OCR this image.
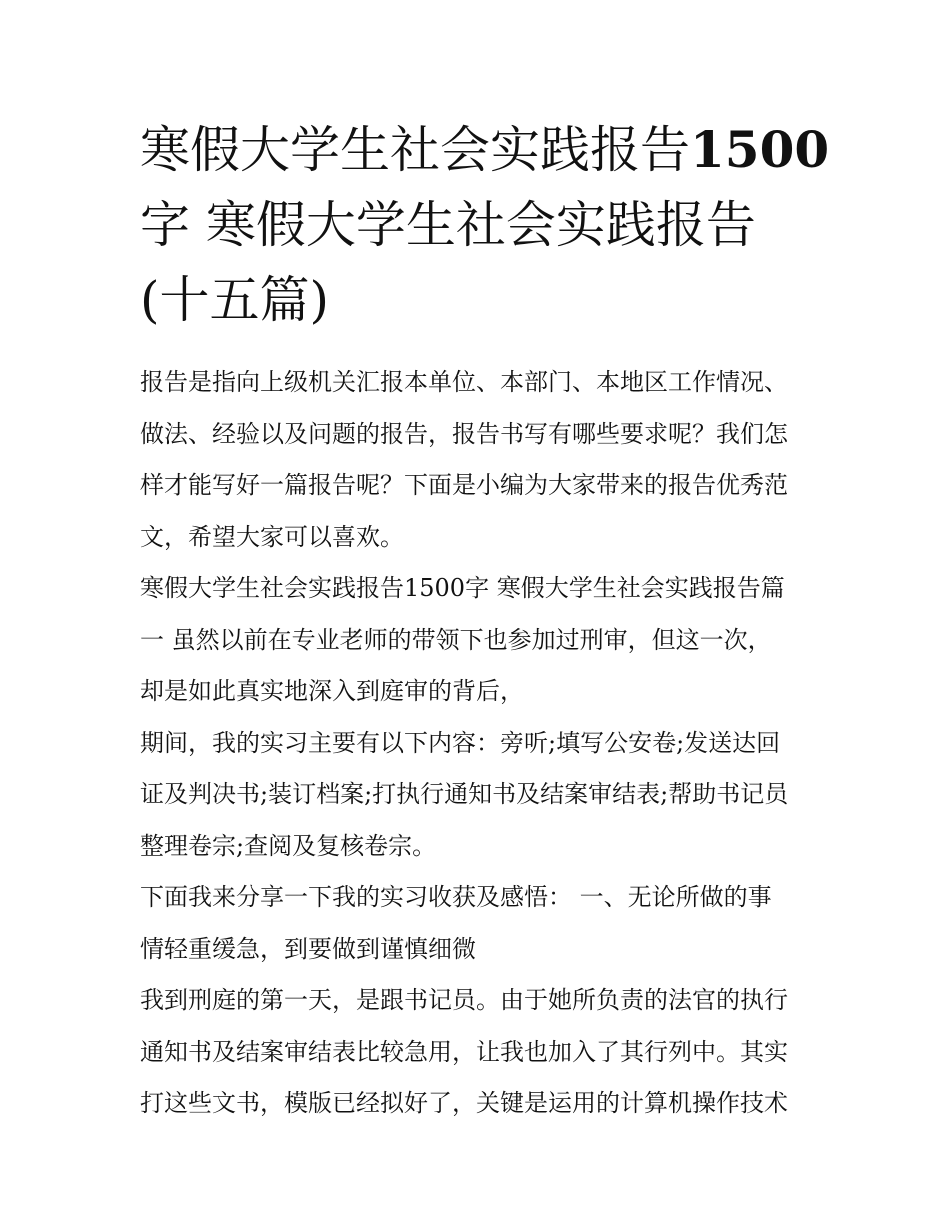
寒假大学生社会实践报告1500
字 寒假大学生社会实践报告
(十五篇)
报告是指向上级机关汇报本单位、本部门、本地区工作情况、
做法、经验以及问题的报告，报告书写有哪些要求呢？我们怎
样才能写好一篇报告呢？下面是小编为大家带来的报告优秀范
文，希望大家可以喜欢。
寒假大学生社会实践报告1500字 寒假大学生社会实践报告篇
一 虽然以前在专业老师的带领下也参加过刑审，但这一次，
却是如此真实地深入到庭审的背后，
期间，我的实习主要有以下内容：旁听;填写公安卷;发送达回
证及判决书;装订档案;打执行通知书及结案审结表;帮助书记员
整理卷宗;查阅及复核卷宗。
下面我来分享一下我的实习收获及感悟： 一、无论所做的事
情轻重缓急，到要做到谨慎细微
我到刑庭的第一天，是跟书记员。由于她所负责的法官的执行
通知书及结案审结表比较急用，让我也加入了其行列中。其实
打这些文书，模版已经拟好了，关键是运用的计算机操作技术
